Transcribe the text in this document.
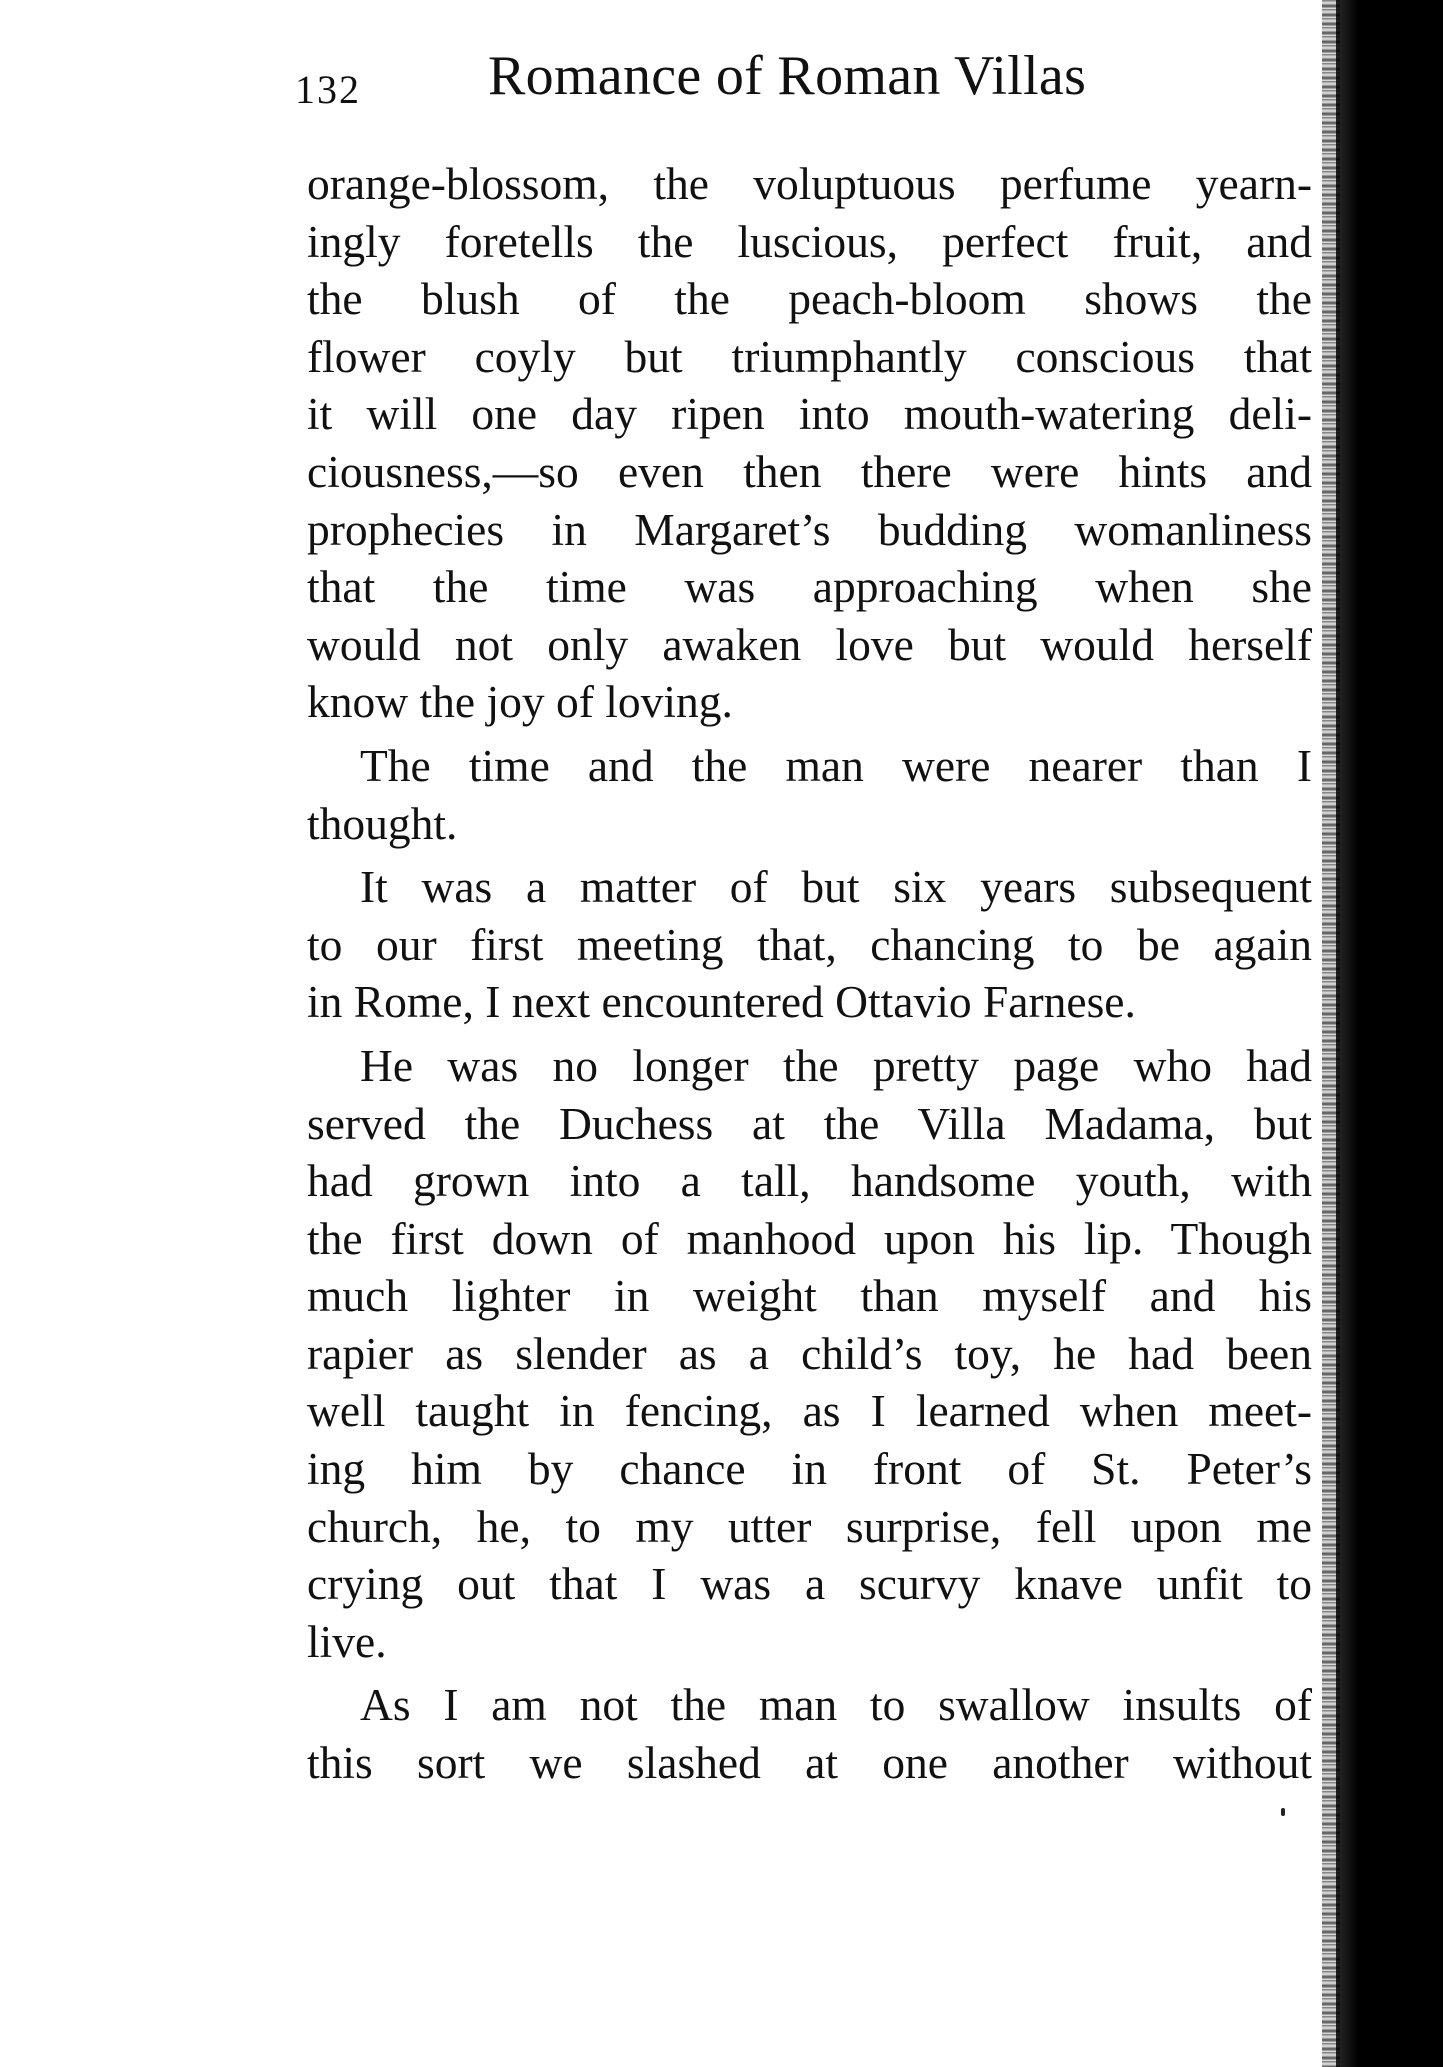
132 Romance of Roman Villas
orange-blossom, the voluptuous perfume yearn-
ingly foretells the luscious, perfect fruit, and
the blush of the peach-bloom shows the
flower coyly but triumphantly conscious that
it will one day ripen into mouth-watering deli-
ciousness,—so even then there were hints and
prophecies in Margaret’s budding womanliness
that the time was approaching when she
would not only awaken love but would herself
know the joy of loving.
The time and the man were nearer than I
thought.
It was a matter of but six years subsequent
to our first meeting that, chancing to be again
in Rome, I next encountered Ottavio Farnese.
He was no longer the pretty page who had
served the Duchess at the Villa Madama, but
had grown into a tall, handsome youth, with
the first down of manhood upon his lip. Though
much lighter in weight than myself and his
rapier as slender as a child’s toy, he had been
well taught in fencing, as I learned when meet-
ing him by chance in front of St. Peter’s
church, he, to my utter surprise, fell upon me
crying out that I was a scurvy knave unfit to
live.
As I am not the man to swallow insults of
this sort we slashed at one another without
